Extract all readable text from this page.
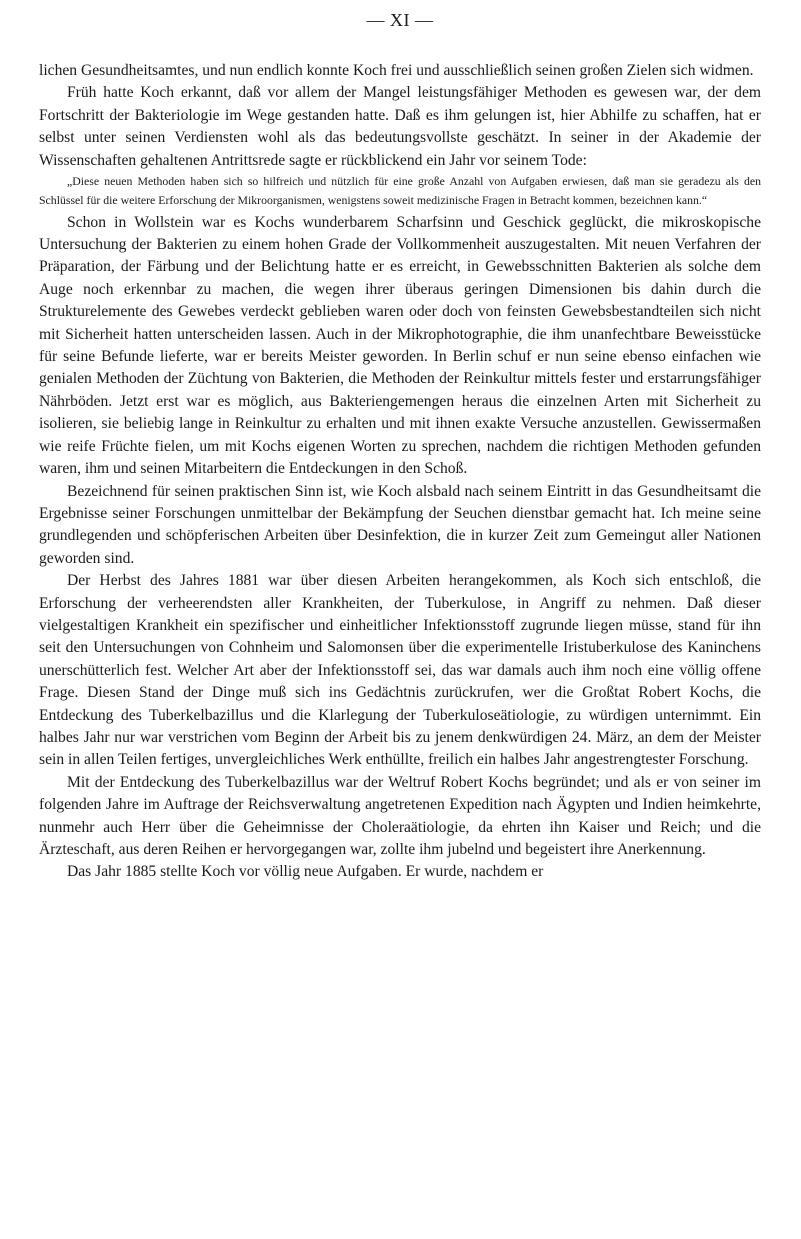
— XI —

lichen Gesundheitsamtes, und nun endlich konnte Koch frei und ausschließlich seinen großen Zielen sich widmen.

Früh hatte Koch erkannt, daß vor allem der Mangel leistungsfähiger Methoden es gewesen war, der dem Fortschritt der Bakteriologie im Wege gestanden hatte. Daß es ihm gelungen ist, hier Abhilfe zu schaffen, hat er selbst unter seinen Verdiensten wohl als das bedeutungsvollste geschätzt. In seiner in der Akademie der Wissenschaften gehaltenen Antrittsrede sagte er rückblickend ein Jahr vor seinem Tode:

„Diese neuen Methoden haben sich so hilfreich und nützlich für eine große Anzahl von Aufgaben erwiesen, daß man sie geradezu als den Schlüssel für die weitere Erforschung der Mikroorganismen, wenigstens soweit medizinische Fragen in Betracht kommen, bezeichnen kann.“

Schon in Wollstein war es Kochs wunderbarem Scharfsinn und Geschick geglückt, die mikroskopische Untersuchung der Bakterien zu einem hohen Grade der Vollkommenheit auszugestalten. Mit neuen Verfahren der Präparation, der Färbung und der Belichtung hatte er es erreicht, in Gewebsschnitten Bakterien als solche dem Auge noch erkennbar zu machen, die wegen ihrer überaus geringen Dimensionen bis dahin durch die Strukturelemente des Gewebes verdeckt geblieben waren oder doch von feinsten Gewebsbestandteilen sich nicht mit Sicherheit hatten unterscheiden lassen. Auch in der Mikrophotographie, die ihm unanfechtbare Beweisstücke für seine Befunde lieferte, war er bereits Meister geworden. In Berlin schuf er nun seine ebenso einfachen wie genialen Methoden der Züchtung von Bakterien, die Methoden der Reinkultur mittels fester und erstarrungsfähiger Nährböden. Jetzt erst war es möglich, aus Bakteriengemengen heraus die einzelnen Arten mit Sicherheit zu isolieren, sie beliebig lange in Reinkultur zu erhalten und mit ihnen exakte Versuche anzustellen. Gewissermaßen wie reife Früchte fielen, um mit Kochs eigenen Worten zu sprechen, nachdem die richtigen Methoden gefunden waren, ihm und seinen Mitarbeitern die Entdeckungen in den Schoß.

Bezeichnend für seinen praktischen Sinn ist, wie Koch alsbald nach seinem Eintritt in das Gesundheitsamt die Ergebnisse seiner Forschungen unmittelbar der Bekämpfung der Seuchen dienstbar gemacht hat. Ich meine seine grundlegenden und schöpferischen Arbeiten über Desinfektion, die in kurzer Zeit zum Gemeingut aller Nationen geworden sind.

Der Herbst des Jahres 1881 war über diesen Arbeiten herangekommen, als Koch sich entschloß, die Erforschung der verheerendsten aller Krankheiten, der Tuberkulose, in Angriff zu nehmen. Daß dieser vielgestaltigen Krankheit ein spezifischer und einheitlicher Infektionsstoff zugrunde liegen müsse, stand für ihn seit den Untersuchungen von Cohnheim und Salomonsen über die experimentelle Iristuberkulose des Kaninchens unerschütterlich fest. Welcher Art aber der Infektionsstoff sei, das war damals auch ihm noch eine völlig offene Frage. Diesen Stand der Dinge muß sich ins Gedächtnis zurückrufen, wer die Großtat Robert Kochs, die Entdeckung des Tuberkelbazillus und die Klarlegung der Tuberkuloseätiologie, zu würdigen unternimmt. Ein halbes Jahr nur war verstrichen vom Beginn der Arbeit bis zu jenem denkwürdigen 24. März, an dem der Meister sein in allen Teilen fertiges, unvergleichliches Werk enthüllte, freilich ein halbes Jahr angestrengtester Forschung.

Mit der Entdeckung des Tuberkelbazillus war der Weltruf Robert Kochs begründet; und als er von seiner im folgenden Jahre im Auftrage der Reichsverwaltung angetretenen Expedition nach Ägypten und Indien heimkehrte, nunmehr auch Herr über die Geheimnisse der Choleraätiologie, da ehrten ihn Kaiser und Reich; und die Ärzteschaft, aus deren Reihen er hervorgegangen war, zollte ihm jubelnd und begeistert ihre Anerkennung.

Das Jahr 1885 stellte Koch vor völlig neue Aufgaben. Er wurde, nachdem er
